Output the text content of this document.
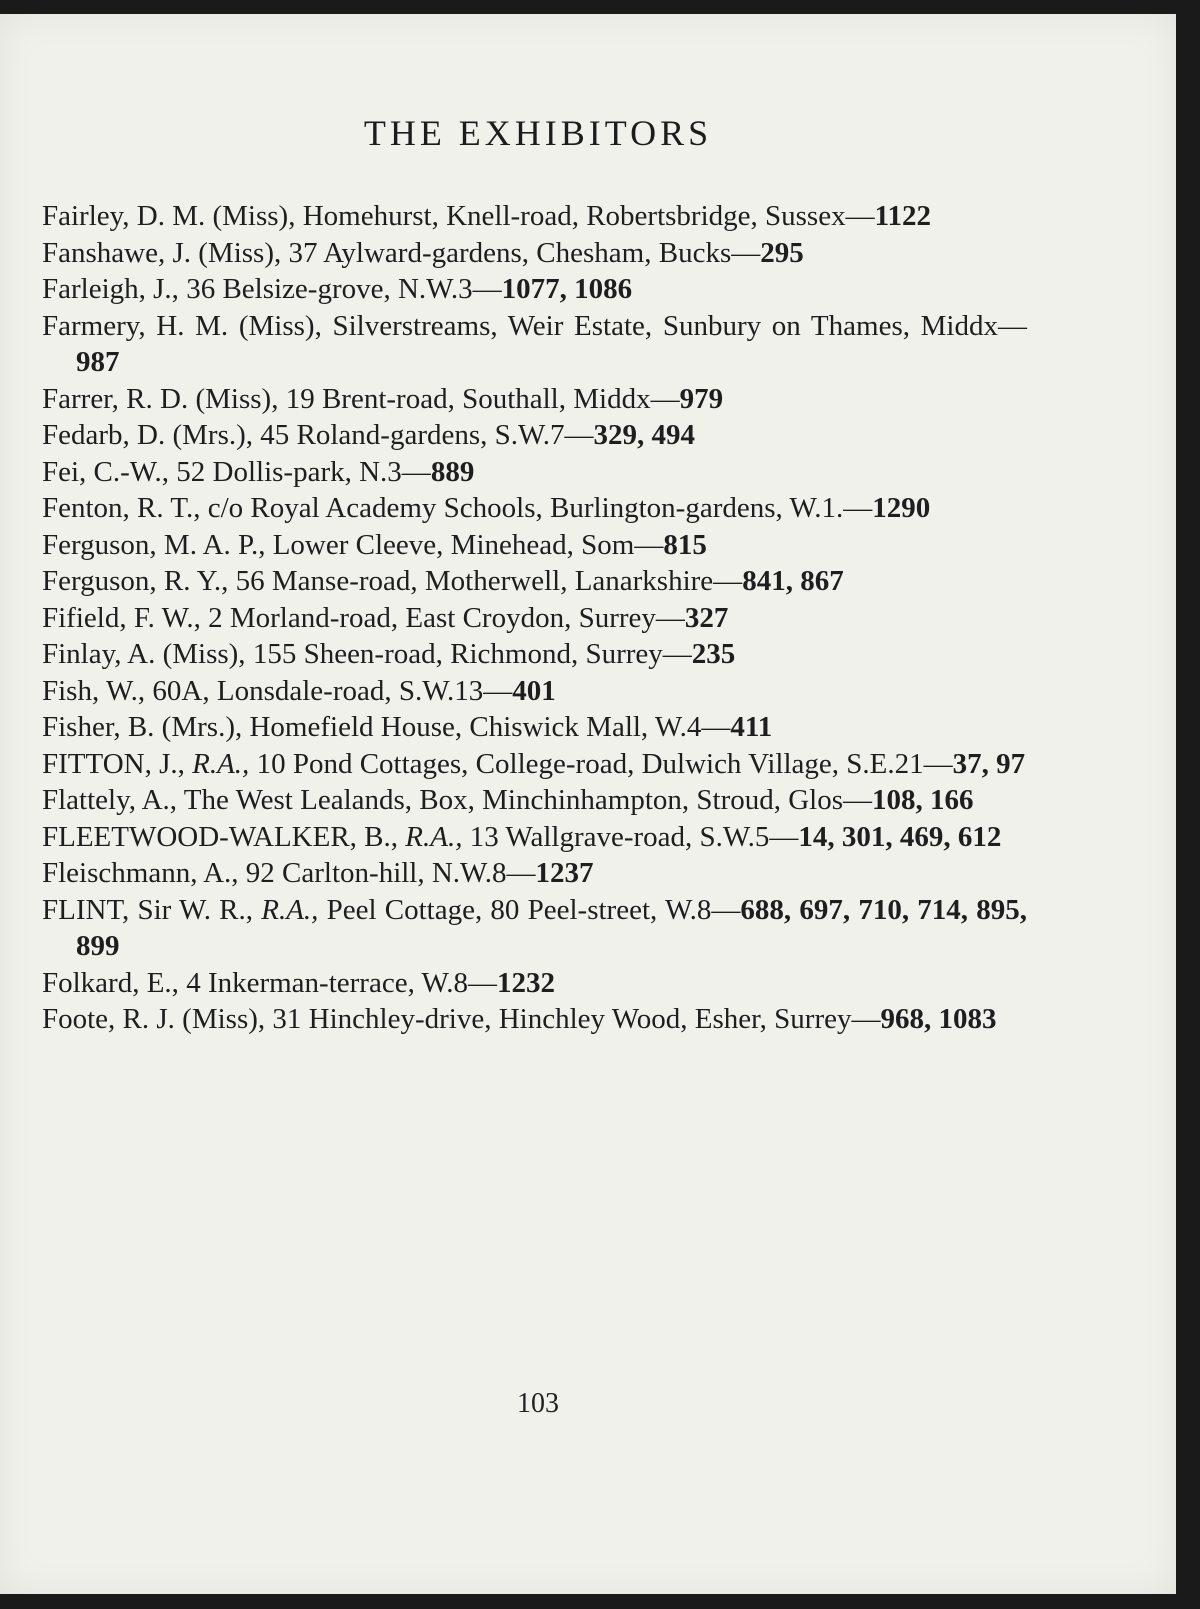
THE EXHIBITORS
Fairley, D. M. (Miss), Homehurst, Knell-road, Robertsbridge, Sussex—1122
Fanshawe, J. (Miss), 37 Aylward-gardens, Chesham, Bucks—295
Farleigh, J., 36 Belsize-grove, N.W.3—1077, 1086
Farmery, H. M. (Miss), Silverstreams, Weir Estate, Sunbury on Thames, Middx—987
Farrer, R. D. (Miss), 19 Brent-road, Southall, Middx—979
Fedarb, D. (Mrs.), 45 Roland-gardens, S.W.7—329, 494
Fei, C.-W., 52 Dollis-park, N.3—889
Fenton, R. T., c/o Royal Academy Schools, Burlington-gardens, W.1.—1290
Ferguson, M. A. P., Lower Cleeve, Minehead, Som—815
Ferguson, R. Y., 56 Manse-road, Motherwell, Lanarkshire—841, 867
Fifield, F. W., 2 Morland-road, East Croydon, Surrey—327
Finlay, A. (Miss), 155 Sheen-road, Richmond, Surrey—235
Fish, W., 60A, Lonsdale-road, S.W.13—401
Fisher, B. (Mrs.), Homefield House, Chiswick Mall, W.4—411
FITTON, J., R.A., 10 Pond Cottages, College-road, Dulwich Village, S.E.21—37, 97
Flattely, A., The West Lealands, Box, Minchinhampton, Stroud, Glos—108, 166
FLEETWOOD-WALKER, B., R.A., 13 Wallgrave-road, S.W.5—14, 301, 469, 612
Fleischmann, A., 92 Carlton-hill, N.W.8—1237
FLINT, Sir W. R., R.A., Peel Cottage, 80 Peel-street, W.8—688, 697, 710, 714, 895, 899
Folkard, E., 4 Inkerman-terrace, W.8—1232
Foote, R. J. (Miss), 31 Hinchley-drive, Hinchley Wood, Esher, Surrey—968, 1083
103
